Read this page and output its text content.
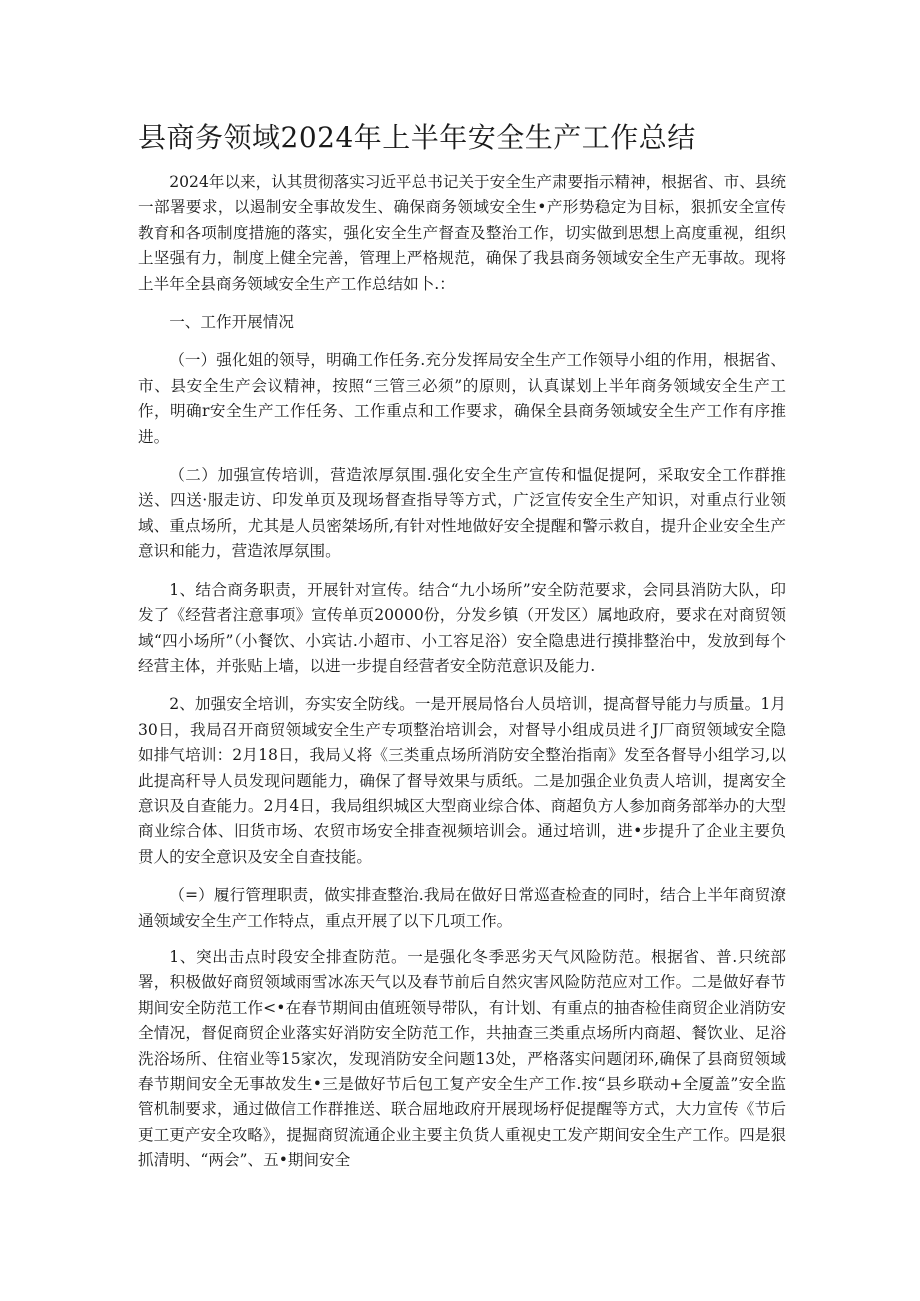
县商务领域2024年上半年安全生产工作总结

2024年以来，认其贯彻落实习近平总书记关于安全生产肃要指示精神，根据省、市、县统一部署要求，以遏制安全事故发生、确保商务领域安全生•产形势稳定为目标，狠抓安全宣传教育和各项制度措施的落实，强化安全生产督查及整治工作，切实做到思想上高度重视，组织上坚强有力，制度上健全完善，管理上严格规范，确保了我县商务领域安全生产无事故。现将上半年全县商务领域安全生产工作总结如卜.：

一、工作开展情况

（一）强化姐的领导，明确工作任务.充分发挥局安全生产工作领导小组的作用，根据省、市、县安全生产会议精神，按照“三管三必须”的原则，认真谋划上半年商务领域安全生产工作，明确r安全生产工作任务、工作重点和工作要求，确保全县商务领域安全生产工作有序推进。

（二）加强宣传培训，营造浓厚氛围.强化安全生产宣传和愠促提阿，采取安全工作群推送、四送·服走访、印发单页及现场督查指导等方式，广泛宣传安全生产知识，对重点行业领域、重点场所，尤其是人员密桀场所,有针对性地做好安全提醒和警示救自，提升企业安全生产意识和能力，营造浓厚氛围。

1、结合商务职责，开展针对宣传。结合“九小场所”安全防范要求，会同县消防大队，印发了《经营者注意事项》宣传单页20000份，分发乡镇（开发区）属地政府，要求在对商贸领域“四小场所”（小餐饮、小宾诂.小超市、小工容足浴）安全隐患进行摸排整治中，发放到每个经营主体，并张贴上墙，以进一步提自经营者安全防范意识及能力.

2、加强安全培训，夯实安全防线。一是开展局恪台人员培训，提高督导能力与质量。1月30日，我局召开商贸领域安全生产专项整治培训会，对督导小组成员进彳J厂商贸领域安全隐如排气培训：2月18日，我局乂将《三类重点场所消防安全整治指南》发至各督导小组学习,以此提高秆导人员发现问题能力，确保了督导效果与质纸。二是加强企业负责人培训，提离安全意识及自查能力。2月4日，我局组织城区大型商业综合体、商超负方人参加商务部举办的大型商业综合体、旧货市场、农贸市场安全排查视频培训会。通过培训，进•步提升了企业主要负贯人的安全意识及安全自查技能。

（=）履行管理职责，做实排查整治.我局在做好日常巡查检查的同时，结合上半年商贸潦通领域安全生产工作特点，重点开展了以下几项工作。

1、突出击点时段安全排查防范。一是强化冬季恶劣天气风险防范。根据省、普.只统部署，积极做好商贸领域雨雪冰冻天气以及春节前后自然灾害风险防范应对工作。二是做好春节期间安全防范工作<•在春节期间由值班领导带队，有计划、有重点的抽杳检佳商贸企业消防安全情况，督促商贸企业落实好消防安全防范工作，共抽查三类重点场所内商超、餐饮业、足浴洗浴场所、住宿业等15家次，发现消防安全问题13处，严格落实问题闭环,确保了县商贸领域春节期间安全无事故发生•三是做好节后包工复产安全生产工作.按“县乡联动+全厦盖”安全监管机制要求，通过做信工作群推送、联合屈地政府开展现场杼促提醒等方式，大力宣传《节后更工更产安全攻略》，提掘商贸流通企业主要主负货人重视史工发产期间安全生产工作。四是狠抓清明、“两会”、五•期间安全
